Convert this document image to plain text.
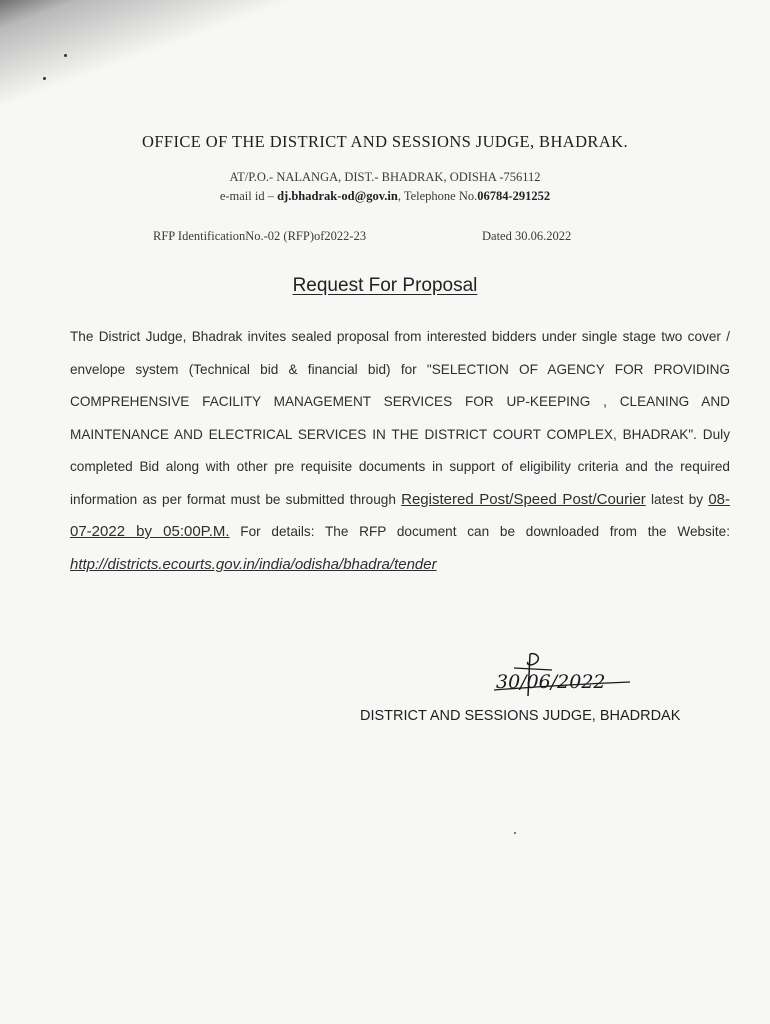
OFFICE OF THE DISTRICT AND SESSIONS JUDGE, BHADRAK.
AT/P.O.- NALANGA, DIST.- BHADRAK, ODISHA -756112
e-mail id – dj.bhadrak-od@gov.in, Telephone No.06784-291252
RFP IdentificationNo.-02 (RFP)of2022-23	Dated 30.06.2022
Request For Proposal
The District Judge, Bhadrak invites sealed proposal from interested bidders under single stage two cover / envelope system (Technical bid & financial bid) for "SELECTION OF AGENCY FOR PROVIDING COMPREHENSIVE FACILITY MANAGEMENT SERVICES FOR UP-KEEPING , CLEANING AND MAINTENANCE AND ELECTRICAL SERVICES IN THE DISTRICT COURT COMPLEX, BHADRAK". Duly completed Bid along with other pre requisite documents in support of eligibility criteria and the required information as per format must be submitted through Registered Post/Speed Post/Courier latest by 08-07-2022 by 05:00P.M. For details: The RFP document can be downloaded from the Website: http://districts.ecourts.gov.in/india/odisha/bhadra/tender
30/06/2022
DISTRICT AND SESSIONS JUDGE, BHADRDAK
